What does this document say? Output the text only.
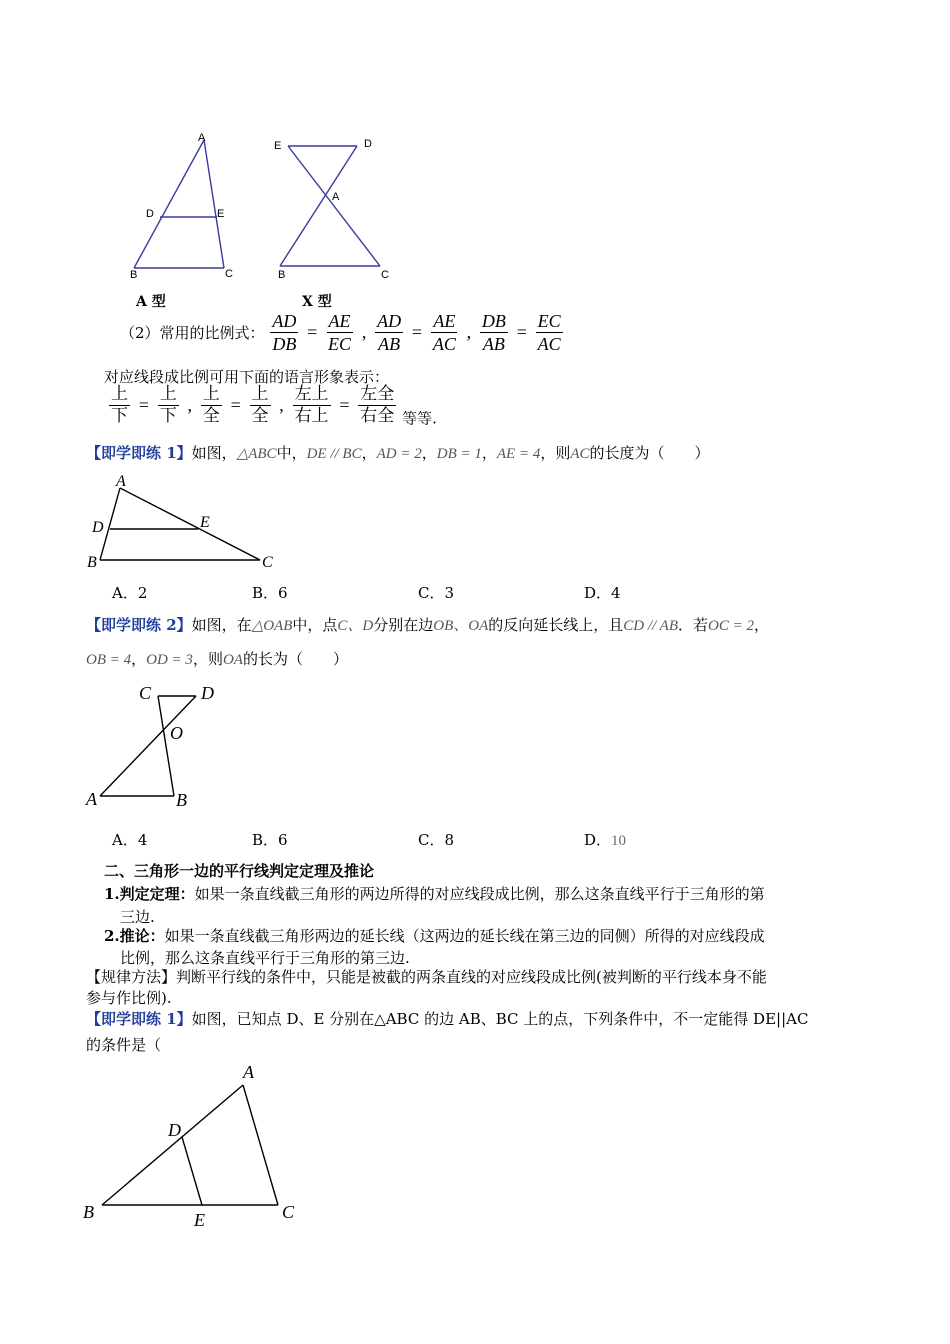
A
D	E
B	C
A 型
E	D
A
B	C
X 型
（2）常用的比例式： $\frac{AD}{DB} = \frac{AE}{EC}$ , $\frac{AD}{AB} = \frac{AE}{AC}$ , $\frac{DB}{AB} = \frac{EC}{AC}$
对应线段成比例可用下面的语言形象表示：
$\frac{\text{上}}{\text{下}} = \frac{\text{上}}{\text{下}}$ , $\frac{\text{上}}{\text{全}} = \frac{\text{上}}{\text{全}}$ , $\frac{\text{左上}}{\text{右上}} = \frac{\text{左全}}{\text{右全}}$ 等等.
【即学即练 1】如图，△ABC中，DE // BC，AD = 2，DB = 1，AE = 4，则AC的长度为（　　）
A
D	E
B	C
A．2	B．6	C．3	D．4
【即学即练 2】如图，在△OAB中，点C、D分别在边OB、OA的反向延长线上，且CD // AB．若OC = 2，
OB = 4，OD = 3，则OA的长为（　　）
C	D
O
A	B
A．4	B．6	C．8	D．10
二、三角形一边的平行线判定定理及推论
1.判定定理：如果一条直线截三角形的两边所得的对应线段成比例，那么这条直线平行于三角形的第
三边.
2.推论：如果一条直线截三角形两边的延长线（这两边的延长线在第三边的同侧）所得的对应线段成
比例，那么这条直线平行于三角形的第三边.
【规律方法】判断平行线的条件中，只能是被截的两条直线的对应线段成比例(被判断的平行线本身不能
参与作比例).
【即学即练 1】如图，已知点 D、E 分别在△ABC 的边 AB、BC 上的点，下列条件中，不一定能得 DE||AC
的条件是（
A
D
B	E	C
